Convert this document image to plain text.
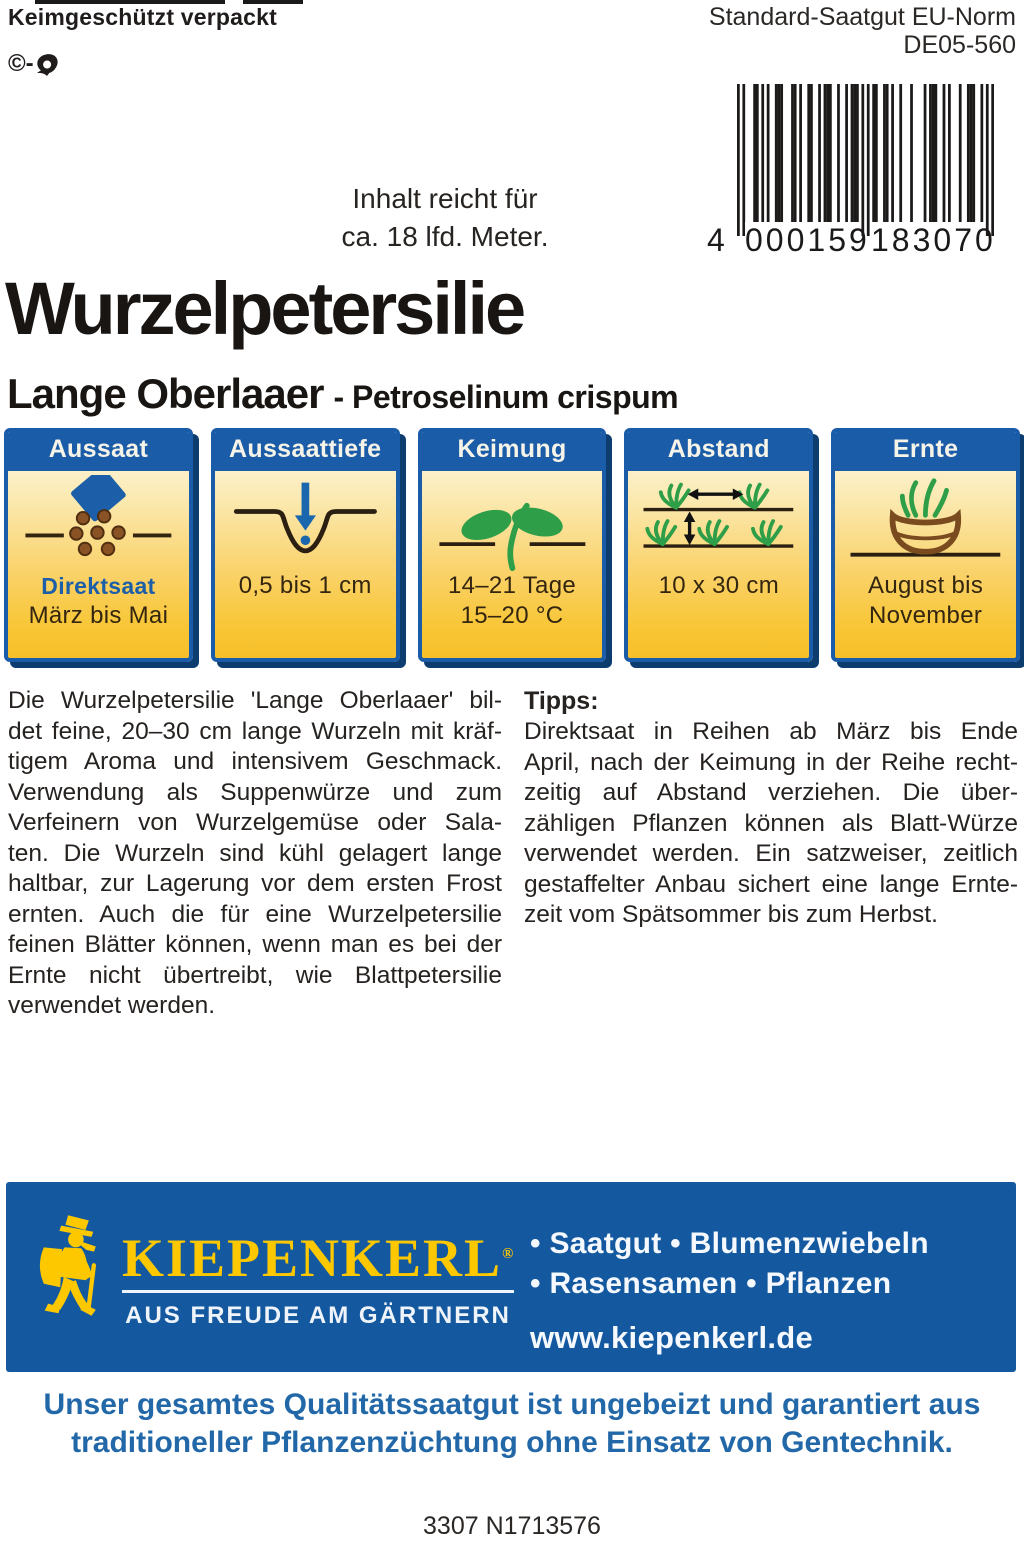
Keimgeschützt verpackt
©-
Standard-Saatgut EU-Norm
DE05-560
4 000159 183070
Inhalt reicht für
ca. 18 lfd. Meter.
Wurzelpetersilie
Lange Oberlaaer - Petroselinum crispum
Aussaat
Direktsaat
März bis Mai
Aussaattiefe
0,5 bis 1 cm
Keimung
14–21 Tage
15–20 °C
Abstand
10 x 30 cm
Ernte
August bis
November
Die Wurzelpetersilie 'Lange Oberlaaer' bil-
det feine, 20–30 cm lange Wurzeln mit kräf-
tigem Aroma und intensivem Geschmack.
Verwendung als Suppenwürze und zum
Verfeinern von Wurzelgemüse oder Sala-
ten. Die Wurzeln sind kühl gelagert lange
haltbar, zur Lagerung vor dem ersten Frost
ernten. Auch die für eine Wurzelpetersilie
feinen Blätter können, wenn man es bei der
Ernte nicht übertreibt, wie Blattpetersilie
verwendet werden.
Tipps:
Direktsaat in Reihen ab März bis Ende
April, nach der Keimung in der Reihe recht-
zeitig auf Abstand verziehen. Die über-
zähligen Pflanzen können als Blatt-Würze
verwendet werden. Ein satzweiser, zeitlich
gestaffelter Anbau sichert eine lange Ernte-
zeit vom Spätsommer bis zum Herbst.
KIEPENKERL®
AUS FREUDE AM GÄRTNERN
• Saatgut • Blumenzwiebeln
• Rasensamen • Pflanzen
www.kiepenkerl.de
Unser gesamtes Qualitätssaatgut ist ungebeizt und garantiert aus
traditioneller Pflanzenzüchtung ohne Einsatz von Gentechnik.
3307 N1713576
